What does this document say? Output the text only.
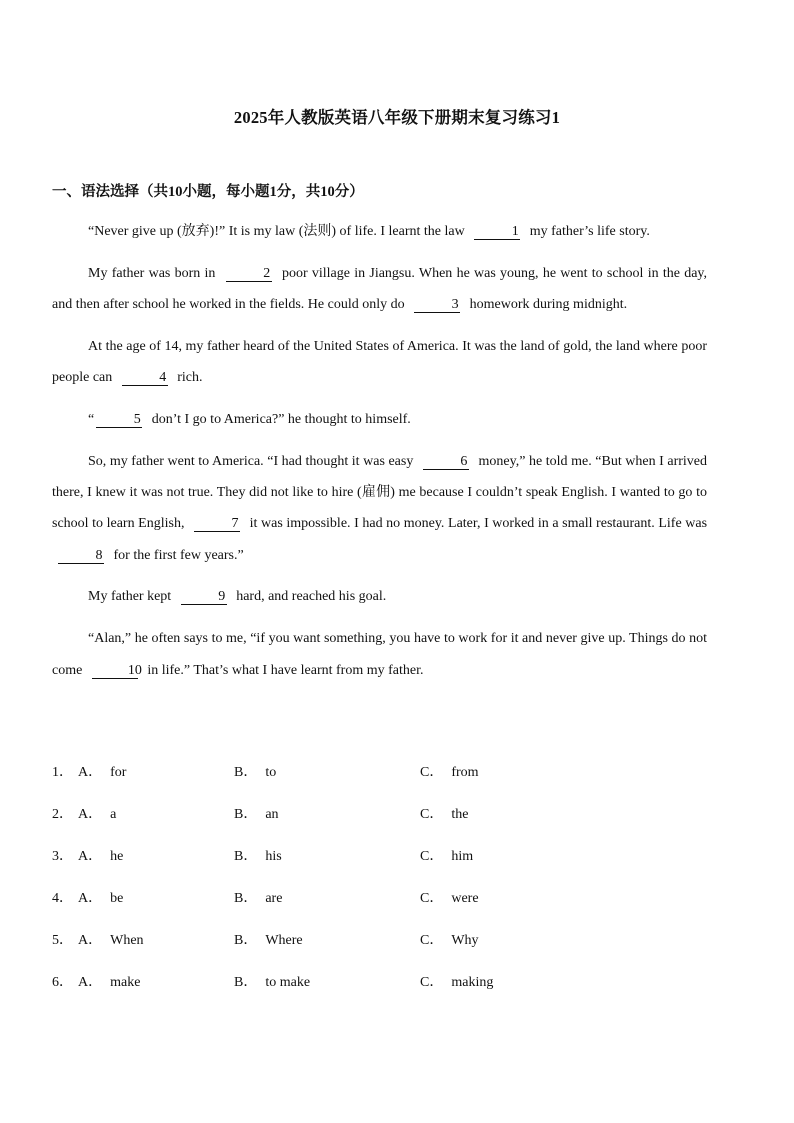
2025年人教版英语八年级下册期末复习练习1
一、语法选择（共10小题，每小题1分，共10分）

“Never give up (放弃)!” It is my law (法则) of life. I learnt the law	1 my father’s life story.

My father was born in	2 poor village in Jiangsu. When he was young, he went to school in the day, and then after school he worked in the fields. He could only do	3 homework during midnight.

At the age of 14, my father heard of the United States of America. It was the land of gold, the land where poor people can	4 rich.

“	5 don’t I go to America?” he thought to himself.

So, my father went to America. “I had thought it was easy	6 money,” he told me. “But when I arrived there, I knew it was not true. They did not like to hire (雇佣) me because I couldn’t speak English. I wanted to go to school to learn English,	7 it was impossible. I had no money. Later, I worked in a small restaurant. Life was 8 for the first few years.”

My father kept	9 hard, and reached his goal.

“Alan,” he often says to me, “if you want something, you have to work for it and never give up. Things do not come	10 in life.” That’s what I have learnt from my father.

1． A． for	B． to	C． from
2． A． a	B． an	C． the
3． A． he	B． his	C． him
4． A． be	B． are	C． were
5． A． When	B． Where	C． Why
6． A． make	B． to make	C． making
